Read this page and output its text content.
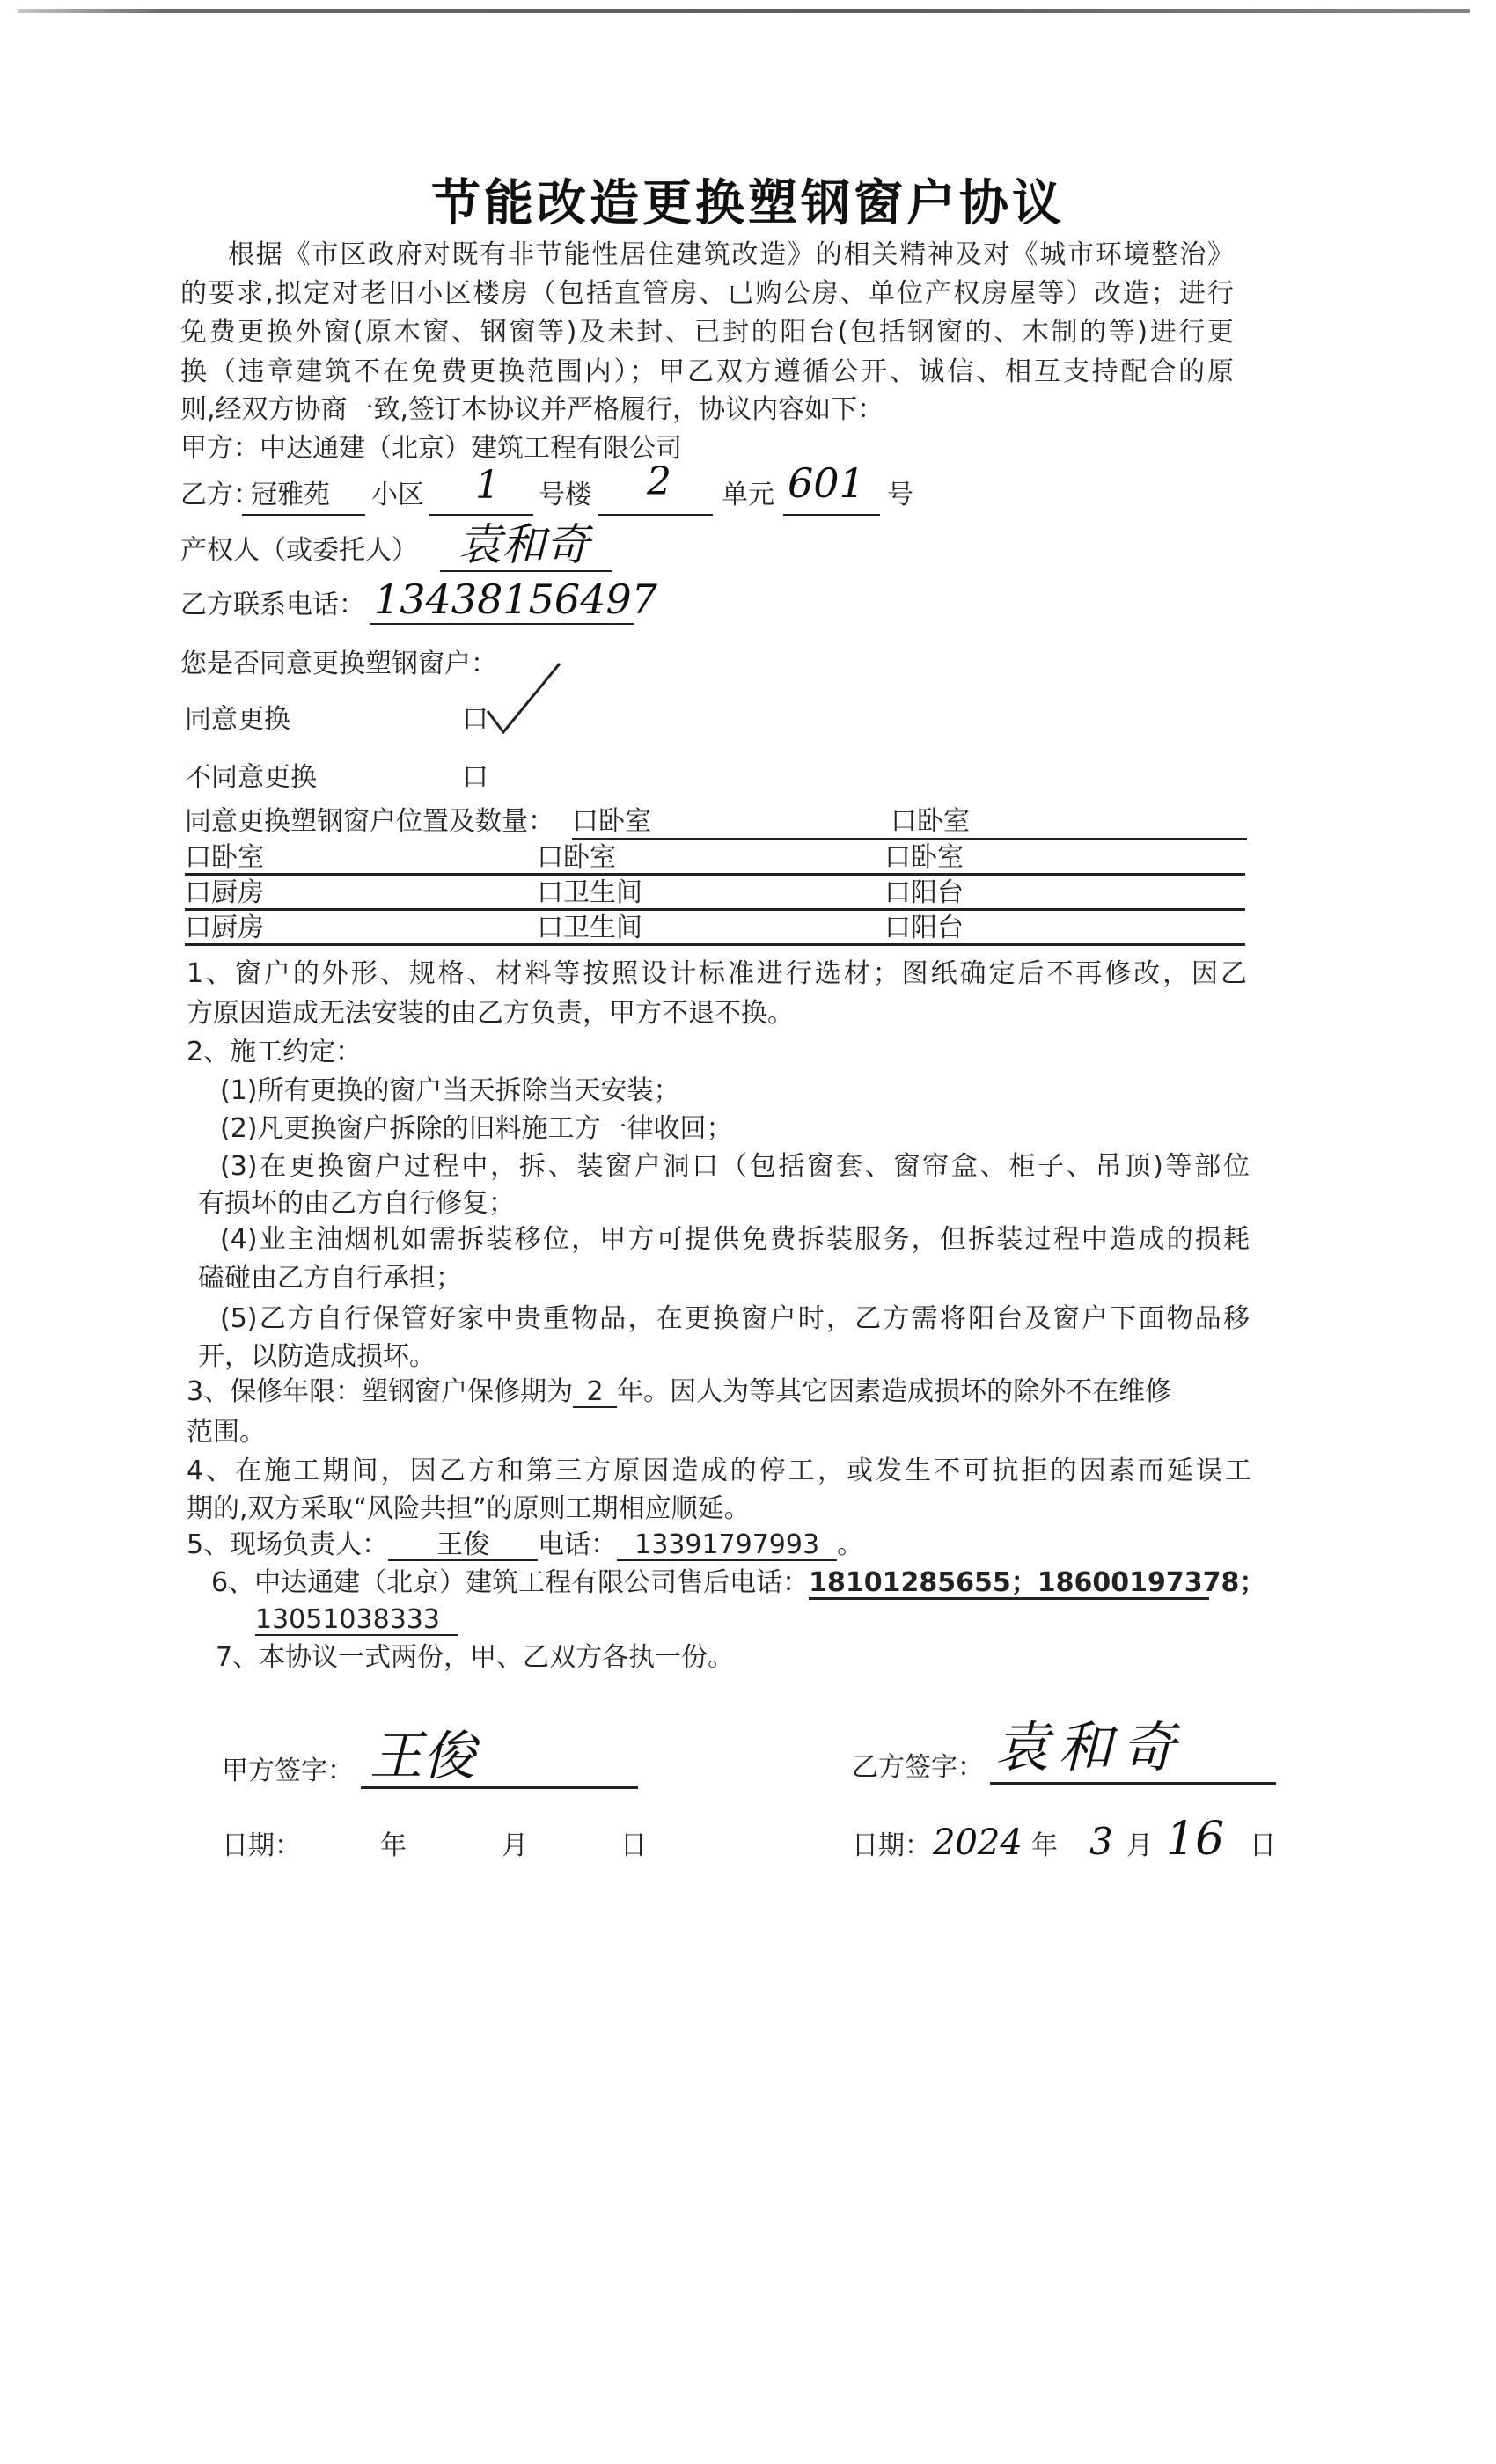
节能改造更换塑钢窗户协议
根据《市区政府对既有非节能性居住建筑改造》的相关精神及对《城市环境整治》
的要求,拟定对老旧小区楼房（包括直管房、已购公房、单位产权房屋等）改造；进行
免费更换外窗(原木窗、钢窗等)及未封、已封的阳台(包括钢窗的、木制的等)进行更
换（违章建筑不在免费更换范围内）；甲乙双方遵循公开、诚信、相互支持配合的原
则,经双方协商一致,签订本协议并严格履行，协议内容如下：
甲方：中达通建（北京）建筑工程有限公司
乙方：
冠雅苑 小区 1 号楼 2 单元 601 号
产权人（或委托人） 袁和奇
乙方联系电话： 13438156497
您是否同意更换塑钢窗户：
同意更换	口
不同意更换	口
同意更换塑钢窗户位置及数量： 口卧室	口卧室
口卧室	口卧室	口卧室
口厨房	口卫生间	口阳台
口厨房	口卫生间	口阳台
1、窗户的外形、规格、材料等按照设计标准进行选材；图纸确定后不再修改，因乙
方原因造成无法安装的由乙方负责，甲方不退不换。
2、施工约定：
(1)所有更换的窗户当天拆除当天安装；
(2)凡更换窗户拆除的旧料施工方一律收回；
(3)在更换窗户过程中，拆、装窗户洞口（包括窗套、窗帘盒、柜子、吊顶)等部位
有损坏的由乙方自行修复；
(4)业主油烟机如需拆装移位，甲方可提供免费拆装服务，但拆装过程中造成的损耗
磕碰由乙方自行承担；
(5)乙方自行保管好家中贵重物品，在更换窗户时，乙方需将阳台及窗户下面物品移
开，以防造成损坏。
3、保修年限：塑钢窗户保修期为 2 年。因人为等其它因素造成损坏的除外不在维修
范围。
4、在施工期间，因乙方和第三方原因造成的停工，或发生不可抗拒的因素而延误工
期的,双方采取“风险共担”的原则工期相应顺延。
5、现场负责人： 王俊 电话： 13391797993 。
6、中达通建（北京）建筑工程有限公司售后电话：18101285655；18600197378；
13051038333
7、本协议一式两份，甲、乙双方各执一份。
甲方签字： 王俊	乙方签字： 袁和奇
日期：	年	月	日	日期： 2024 年 3 月 16 日
